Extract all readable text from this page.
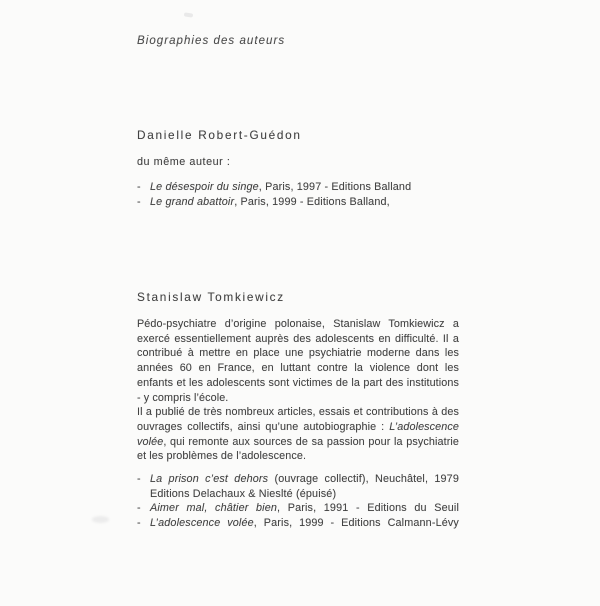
Biographies des auteurs
Danielle Robert-Guédon

du même auteur :

- Le désespoir du singe, Paris, 1997 - Editions Balland
- Le grand abattoir, Paris, 1999 - Editions Balland,
Stanislaw Tomkiewicz
Pédo-psychiatre d’origine polonaise, Stanislaw Tomkiewicz a exercé essentiellement auprès des adolescents en difficulté. Il a contribué à mettre en place une psychiatrie moderne dans les années 60 en France, en luttant contre la violence dont les enfants et les adolescents sont victimes de la part des institutions
- y compris l’école.
Il a publié de très nombreux articles, essais et contributions à des ouvrages collectifs, ainsi qu’une autobiographie : L’adolescence volée, qui remonte aux sources de sa passion pour la psychiatrie et les problèmes de l’adolescence.
- La prison c’est dehors (ouvrage collectif), Neuchâtel, 1979
Editions Delachaux & Nieslté (épuisé)
- Aimer mal, châtier bien, Paris, 1991 - Editions du Seuil
- L’adolescence volée, Paris, 1999 - Editions Calmann-Lévy
